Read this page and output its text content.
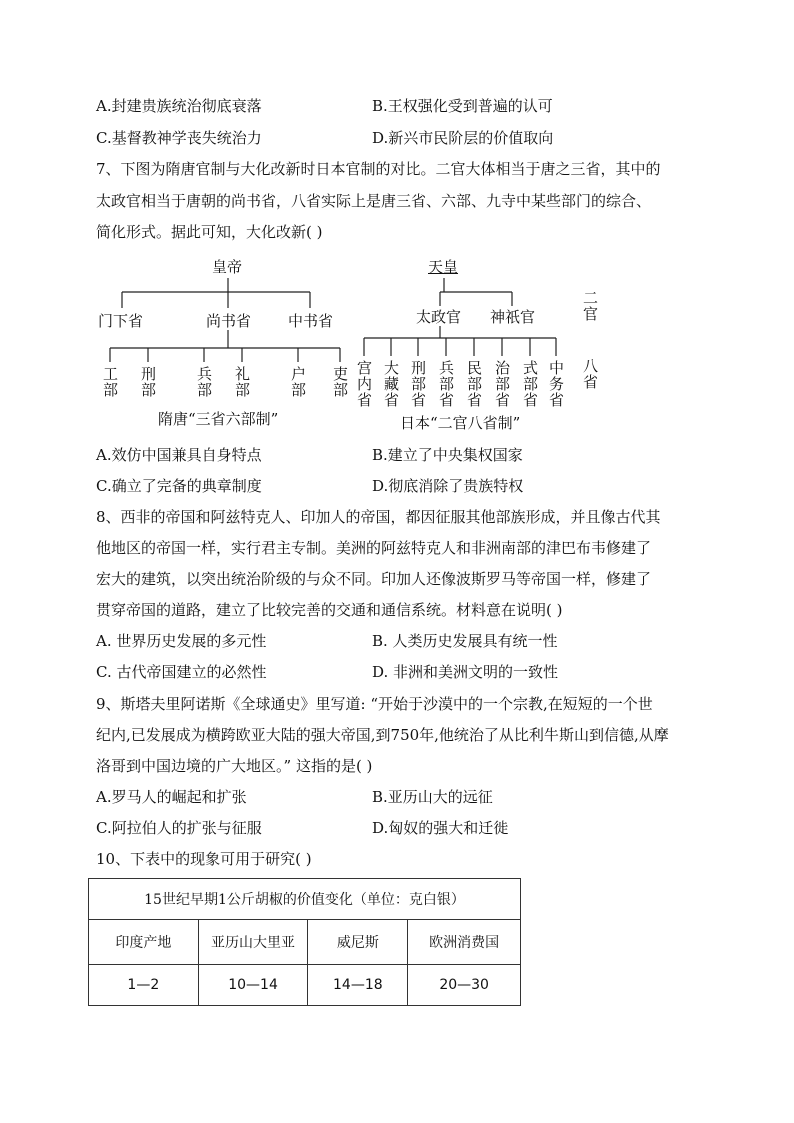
A.封建贵族统治彻底衰落	B.王权强化受到普遍的认可
C.基督教神学丧失统治力	D.新兴市民阶层的价值取向
7、下图为隋唐官制与大化改新时日本官制的对比。二官大体相当于唐之三省，其中的
太政官相当于唐朝的尚书省，八省实际上是唐三省、六部、九寺中某些部门的综合、
简化形式。据此可知，大化改新( )
皇帝
门下省	尚书省 中书省
工部 刑部	兵部 礼部	户部 吏部
隋唐“三省六部制”
天皇
太政官 神祇官	二官
宫内省 大藏省 刑部省 兵部省 民部省 治部省 式部省 中务省 八省
日本“二官八省制”
A.效仿中国兼具自身特点	B.建立了中央集权国家
C.确立了完备的典章制度	D.彻底消除了贵族特权
8、西非的帝国和阿兹特克人、印加人的帝国，都因征服其他部族形成，并且像古代其
他地区的帝国一样，实行君主专制。美洲的阿兹特克人和非洲南部的津巴布韦修建了
宏大的建筑，以突出统治阶级的与众不同。印加人还像波斯罗马等帝国一样，修建了
贯穿帝国的道路，建立了比较完善的交通和通信系统。材料意在说明( )
A. 世界历史发展的多元性	B. 人类历史发展具有统一性
C. 古代帝国建立的必然性	D. 非洲和美洲文明的一致性
9、斯塔夫里阿诺斯《全球通史》里写道: “开始于沙漠中的一个宗教,在短短的一个世
纪内,已发展成为横跨欧亚大陆的强大帝国,到750年,他统治了从比利牛斯山到信德,从摩
洛哥到中国边境的广大地区。” 这指的是( )
A.罗马人的崛起和扩张	B.亚历山大的远征
C.阿拉伯人的扩张与征服	D.匈奴的强大和迁徙
10、下表中的现象可用于研究( )
15世纪早期1公斤胡椒的价值变化（单位：克白银）			
印度产地	亚历山大里亚	威尼斯	欧洲消费国
1—2	10—14	14—18	20—30
